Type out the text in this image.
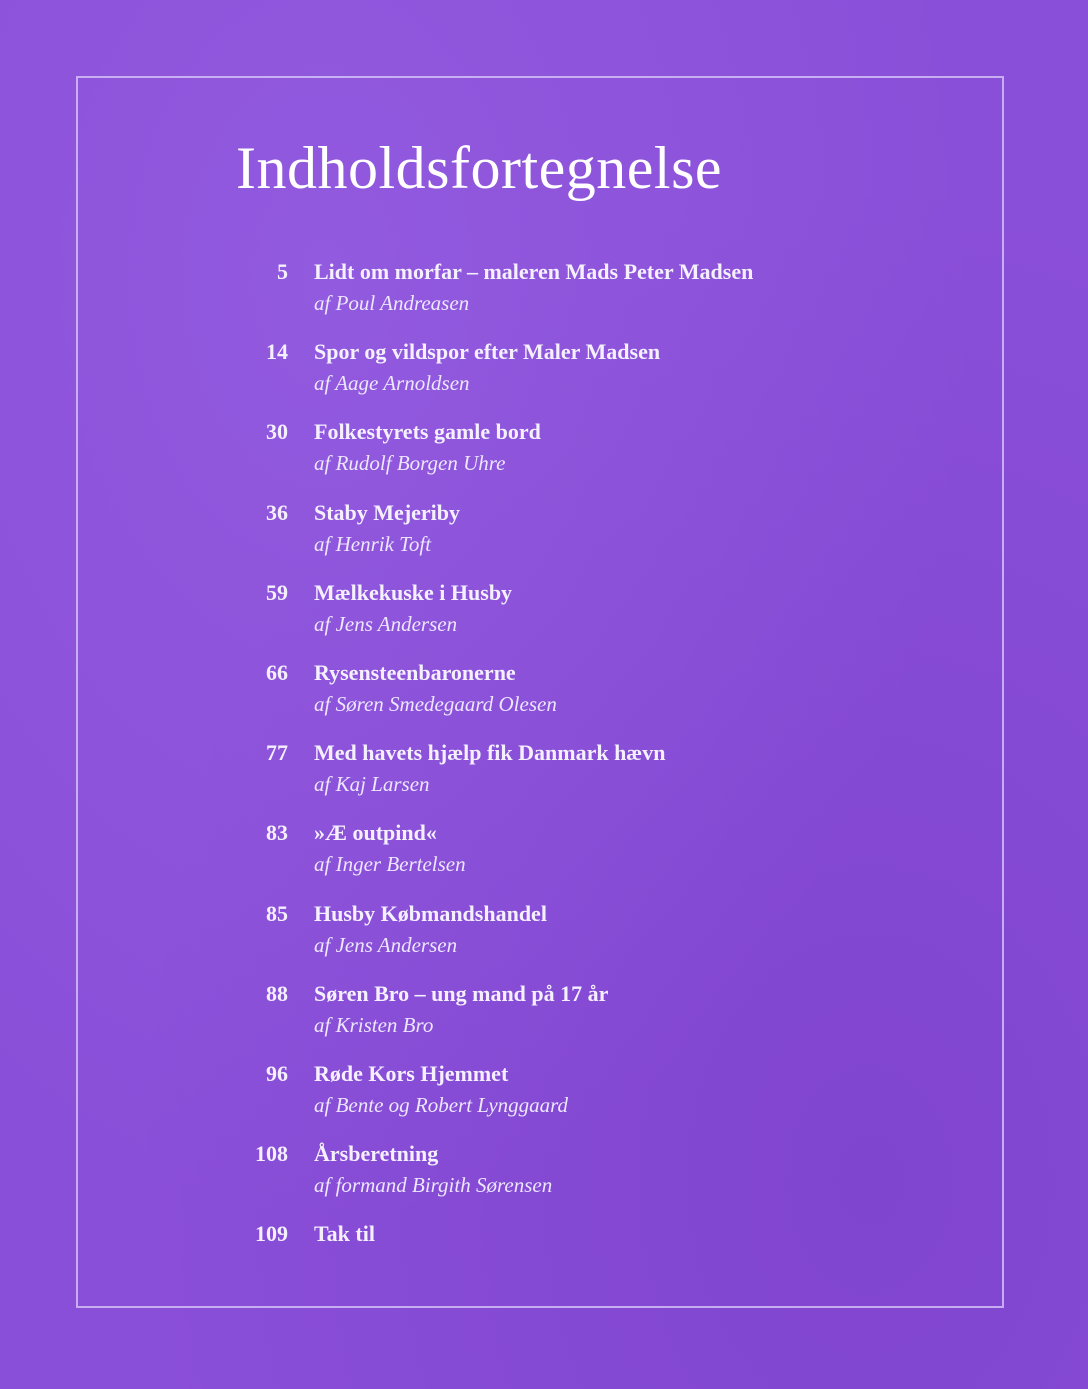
Indholdsfortegnelse
5 Lidt om morfar – maleren Mads Peter Madsen
af Poul Andreasen
14 Spor og vildspor efter Maler Madsen
af Aage Arnoldsen
30 Folkestyrets gamle bord
af Rudolf Borgen Uhre
36 Staby Mejeriby
af Henrik Toft
59 Mælkekuske i Husby
af Jens Andersen
66 Rysensteenbaronerne
af Søren Smedegaard Olesen
77 Med havets hjælp fik Danmark hævn
af Kaj Larsen
83 »Æ outpind«
af Inger Bertelsen
85 Husby Købmandshandel
af Jens Andersen
88 Søren Bro – ung mand på 17 år
af Kristen Bro
96 Røde Kors Hjemmet
af Bente og Robert Lynggaard
108 Årsberetning
af formand Birgith Sørensen
109 Tak til
